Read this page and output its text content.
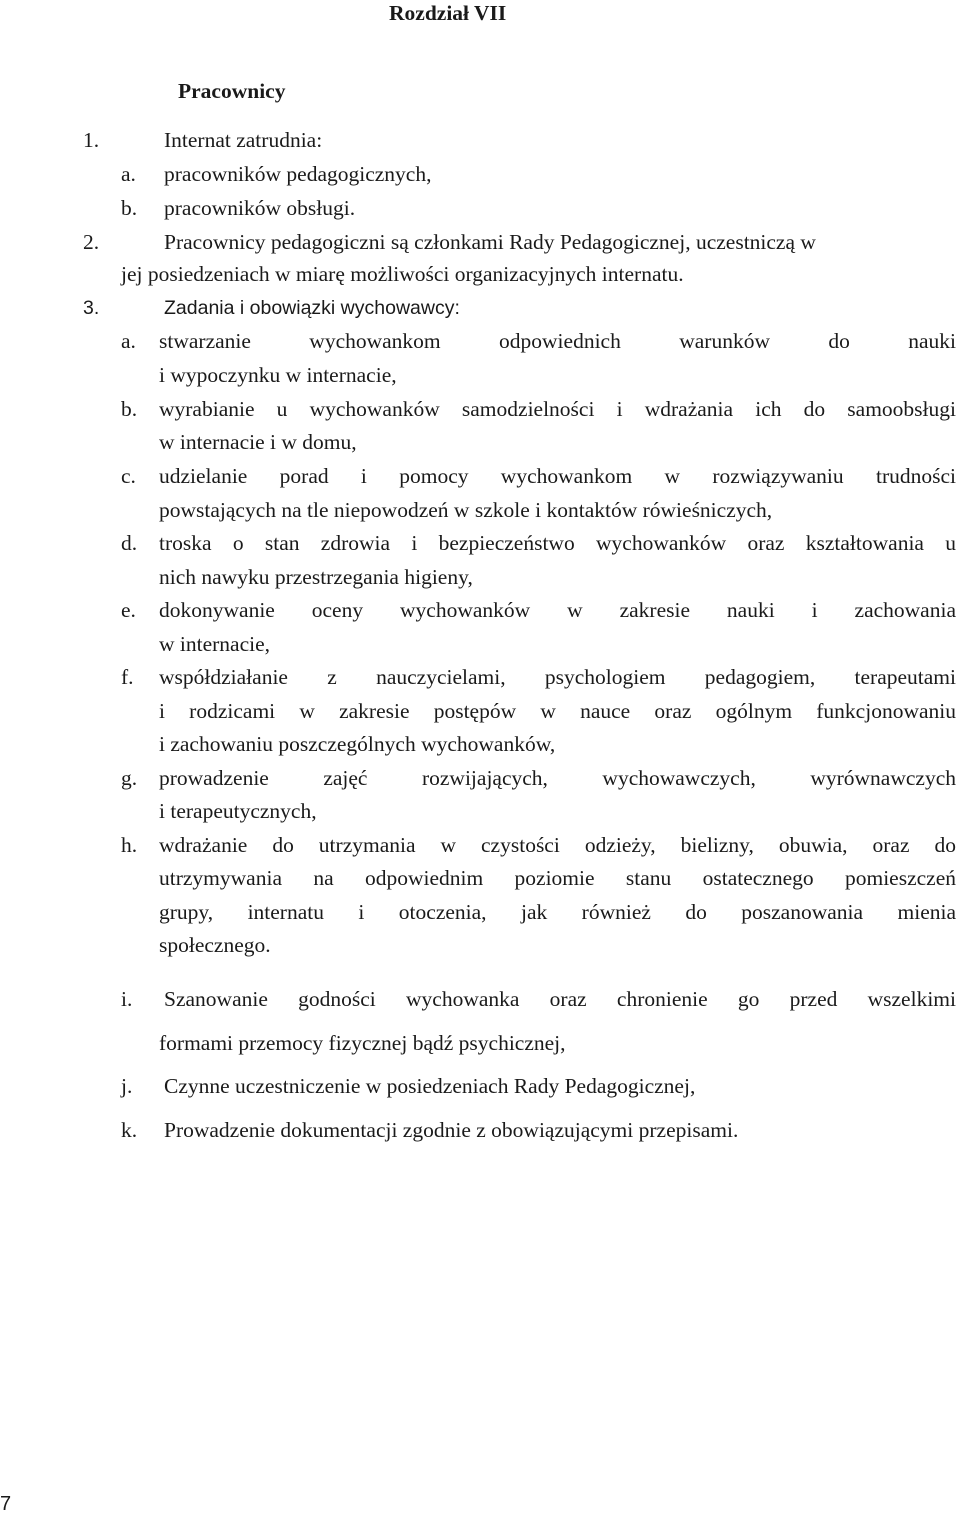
Rozdział VII
Pracownicy
1.	Internat zatrudnia:
a. pracowników pedagogicznych,
b. pracowników obsługi.
2.	Pracownicy pedagogiczni są członkami Rady Pedagogicznej, uczestniczą w
jej posiedzeniach w miarę możliwości organizacyjnych internatu.
3.	Zadania i obowiązki wychowawcy:
a. stwarzanie wychowankom odpowiednich warunków do nauki
i wypoczynku w internacie,
b. wyrabianie u wychowanków samodzielności i wdrażania ich do samoobsługi
w internacie i w domu,
c. udzielanie porad i pomocy wychowankom w rozwiązywaniu trudności
powstających na tle niepowodzeń w szkole i kontaktów rówieśniczych,
d. troska o stan zdrowia i bezpieczeństwo wychowanków oraz kształtowania u
nich nawyku przestrzegania higieny,
e. dokonywanie oceny wychowanków w zakresie nauki i zachowania
w internacie,
f. współdziałanie z nauczycielami, psychologiem pedagogiem, terapeutami
i rodzicami w zakresie postępów w nauce oraz ogólnym funkcjonowaniu
i zachowaniu poszczególnych wychowanków,
g. prowadzenie zajęć rozwijających, wychowawczych, wyrównawczych
i terapeutycznych,
h. wdrażanie do utrzymania w czystości odzieży, bielizny, obuwia, oraz do
utrzymywania na odpowiednim poziomie stanu ostatecznego pomieszczeń
grupy, internatu i otoczenia, jak również do poszanowania mienia
społecznego.
i. Szanowanie godności wychowanka oraz chronienie go przed wszelkimi
formami przemocy fizycznej bądź psychicznej,
j. Czynne uczestniczenie w posiedzeniach Rady Pedagogicznej,
k. Prowadzenie dokumentacji zgodnie z obowiązującymi przepisami.
7
